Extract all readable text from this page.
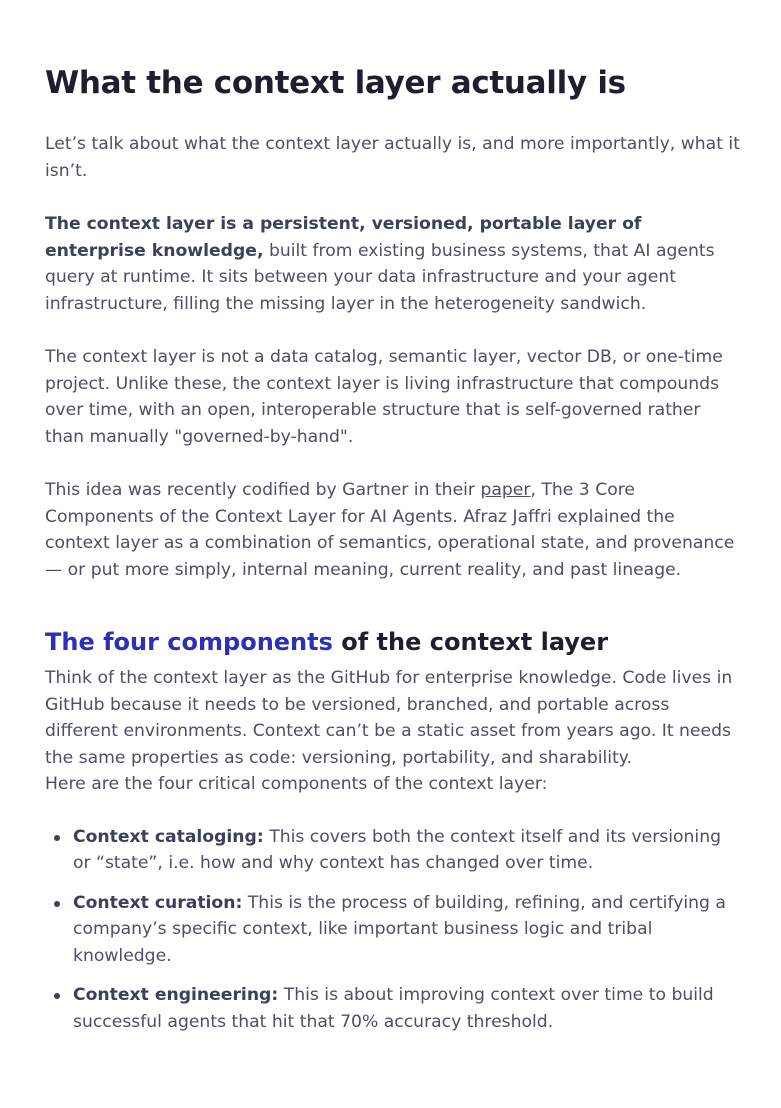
What the context layer actually is

Let’s talk about what the context layer actually is, and more importantly, what it isn’t.

The context layer is a persistent, versioned, portable layer of enterprise knowledge, built from existing business systems, that AI agents query at runtime. It sits between your data infrastructure and your agent infrastructure, filling the missing layer in the heterogeneity sandwich.

The context layer is not a data catalog, semantic layer, vector DB, or one-time project. Unlike these, the context layer is living infrastructure that compounds over time, with an open, interoperable structure that is self-governed rather than manually "governed-by-hand".

This idea was recently codified by Gartner in their paper, The 3 Core Components of the Context Layer for AI Agents. Afraz Jaffri explained the context layer as a combination of semantics, operational state, and provenance — or put more simply, internal meaning, current reality, and past lineage.

The four components of the context layer

Think of the context layer as the GitHub for enterprise knowledge. Code lives in GitHub because it needs to be versioned, branched, and portable across different environments. Context can’t be a static asset from years ago. It needs the same properties as code: versioning, portability, and sharability.
Here are the four critical components of the context layer:

Context cataloging: This covers both the context itself and its versioning or “state”, i.e. how and why context has changed over time.
Context curation: This is the process of building, refining, and certifying a company’s specific context, like important business logic and tribal knowledge.
Context engineering: This is about improving context over time to build successful agents that hit that 70% accuracy threshold.
